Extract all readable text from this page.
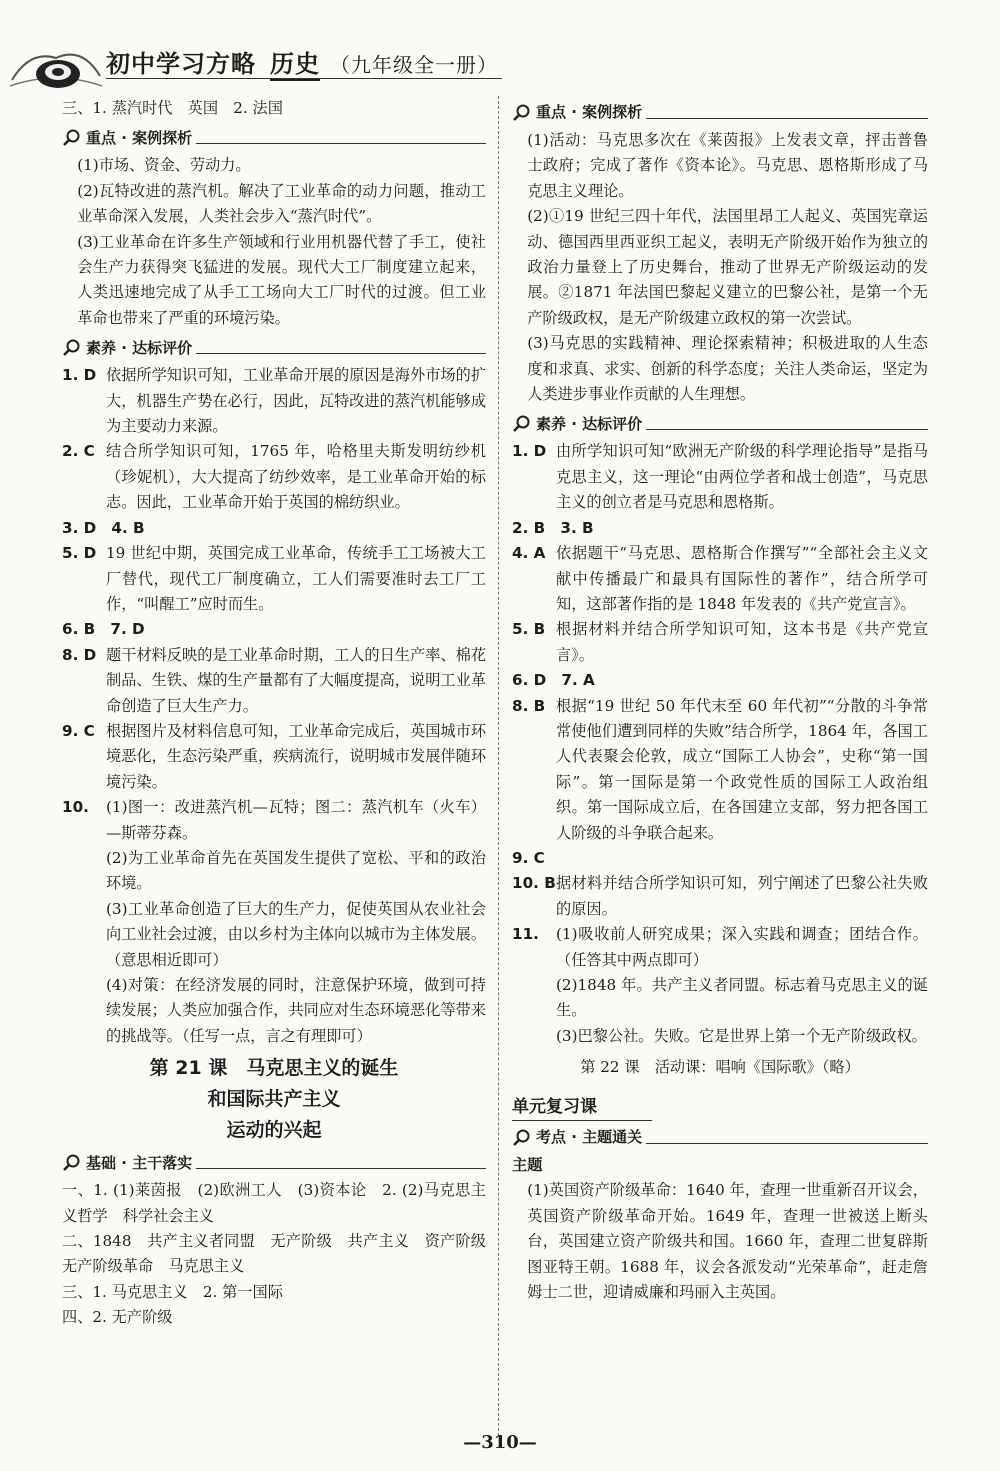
初中学习方略 历史 （九年级全一册）

三、1. 蒸汽时代　英国　2. 法国

重点 · 案例探析

(1)市场、资金、劳动力。

(2)瓦特改进的蒸汽机。解决了工业革命的动力问题，推动工业革命深入发展，人类社会步入“蒸汽时代”。

(3)工业革命在许多生产领域和行业用机器代替了手工，使社会生产力获得突飞猛进的发展。现代大工厂制度建立起来，人类迅速地完成了从手工工场向大工厂时代的过渡。但工业革命也带来了严重的环境污染。

素养 · 达标评价
1. D 依据所学知识可知，工业革命开展的原因是海外市场的扩大，机器生产势在必行，因此，瓦特改进的蒸汽机能够成为主要动力来源。
2. C 结合所学知识可知，1765 年，哈格里夫斯发明纺纱机（珍妮机），大大提高了纺纱效率，是工业革命开始的标志。因此，工业革命开始于英国的棉纺织业。

3. D　4. B

5. D 19 世纪中期，英国完成工业革命，传统手工工场被大工厂替代，现代工厂制度确立，工人们需要准时去工厂工作，“叫醒工”应时而生。

6. B　7. D

8. D 题干材料反映的是工业革命时期，工人的日生产率、棉花制品、生铁、煤的生产量都有了大幅度提高，说明工业革命创造了巨大生产力。
9. C 根据图片及材料信息可知，工业革命完成后，英国城市环境恶化，生态污染严重，疾病流行，说明城市发展伴随环境污染。
10.	(1)图一：改进蒸汽机—瓦特；图二：蒸汽机车（火车）—斯蒂芬森。
(2)为工业革命首先在英国发生提供了宽松、平和的政治环境。
(3)工业革命创造了巨大的生产力，促使英国从农业社会向工业社会过渡，由以乡村为主体向以城市为主体发展。（意思相近即可）
(4)对策：在经济发展的同时，注意保护环境，做到可持续发展；人类应加强合作，共同应对生态环境恶化等带来的挑战等。（任写一点，言之有理即可）
第 21 课　马克思主义的诞生
和国际共产主义
运动的兴起
基础 · 主干落实

一、1. (1)莱茵报　(2)欧洲工人　(3)资本论　2. (2)马克思主义哲学　科学社会主义

二、1848　共产主义者同盟　无产阶级　共产主义　资产阶级　无产阶级革命　马克思主义

三、1. 马克思主义　2. 第一国际

四、2. 无产阶级

重点 · 案例探析

(1)活动：马克思多次在《莱茵报》上发表文章，抨击普鲁士政府；完成了著作《资本论》。马克思、恩格斯形成了马克思主义理论。

(2)①19 世纪三四十年代，法国里昂工人起义、英国宪章运动、德国西里西亚织工起义，表明无产阶级开始作为独立的政治力量登上了历史舞台，推动了世界无产阶级运动的发展。②1871 年法国巴黎起义建立的巴黎公社，是第一个无产阶级政权，是无产阶级建立政权的第一次尝试。

(3)马克思的实践精神、理论探索精神；积极进取的人生态度和求真、求实、创新的科学态度；关注人类命运，坚定为人类进步事业作贡献的人生理想。

素养 · 达标评价
1. D 由所学知识可知“欧洲无产阶级的科学理论指导”是指马克思主义，这一理论“由两位学者和战士创造”，马克思主义的创立者是马克思和恩格斯。

2. B　3. B

4. A 依据题干“马克思、恩格斯合作撰写”“全部社会主义文献中传播最广和最具有国际性的著作”，结合所学可知，这部著作指的是 1848 年发表的《共产党宣言》。
5. B 根据材料并结合所学知识可知，这本书是《共产党宣言》。

6. D　7. A

8. B 根据“19 世纪 50 年代末至 60 年代初”“分散的斗争常常使他们遭到同样的失败”结合所学，1864 年，各国工人代表聚会伦敦，成立“国际工人协会”，史称“第一国际”。第一国际是第一个政党性质的国际工人政治组织。第一国际成立后，在各国建立支部，努力把各国工人阶级的斗争联合起来。

9. C

10. B 据材料并结合所学知识可知，列宁阐述了巴黎公社失败的原因。
11.	(1)吸收前人研究成果；深入实践和调查；团结合作。（任答其中两点即可）
(2)1848 年。共产主义者同盟。标志着马克思主义的诞生。
(3)巴黎公社。失败。它是世界上第一个无产阶级政权。

第 22 课　活动课：唱响《国际歌》（略）

单元复习课
考点 · 主题通关

主题

(1)英国资产阶级革命：1640 年，查理一世重新召开议会，英国资产阶级革命开始。1649 年，查理一世被送上断头台，英国建立资产阶级共和国。1660 年，查理二世复辟斯图亚特王朝。1688 年，议会各派发动“光荣革命”，赶走詹姆士二世，迎请威廉和玛丽入主英国。

—310—
